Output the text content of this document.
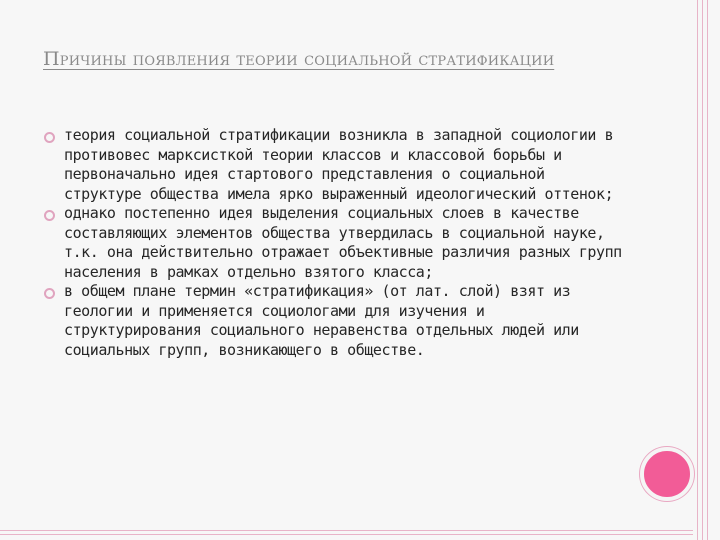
Причины появления теории социальной стратификации
теория социальной стратификации возникла в западной социологии в противовес марксисткой теории классов и классовой борьбы и первоначально идея стартового представления о социальной структуре общества имела ярко выраженный идеологический оттенок;
однако постепенно идея выделения социальных слоев в качестве составляющих элементов общества утвердилась в социальной науке, т.к. она действительно отражает объективные различия разных групп населения в рамках отдельно взятого класса;
в общем плане термин «стратификация» (от лат. слой) взят из геологии и применяется социологами для изучения и структурирования социального неравенства отдельных людей или социальных групп, возникающего в обществе.
